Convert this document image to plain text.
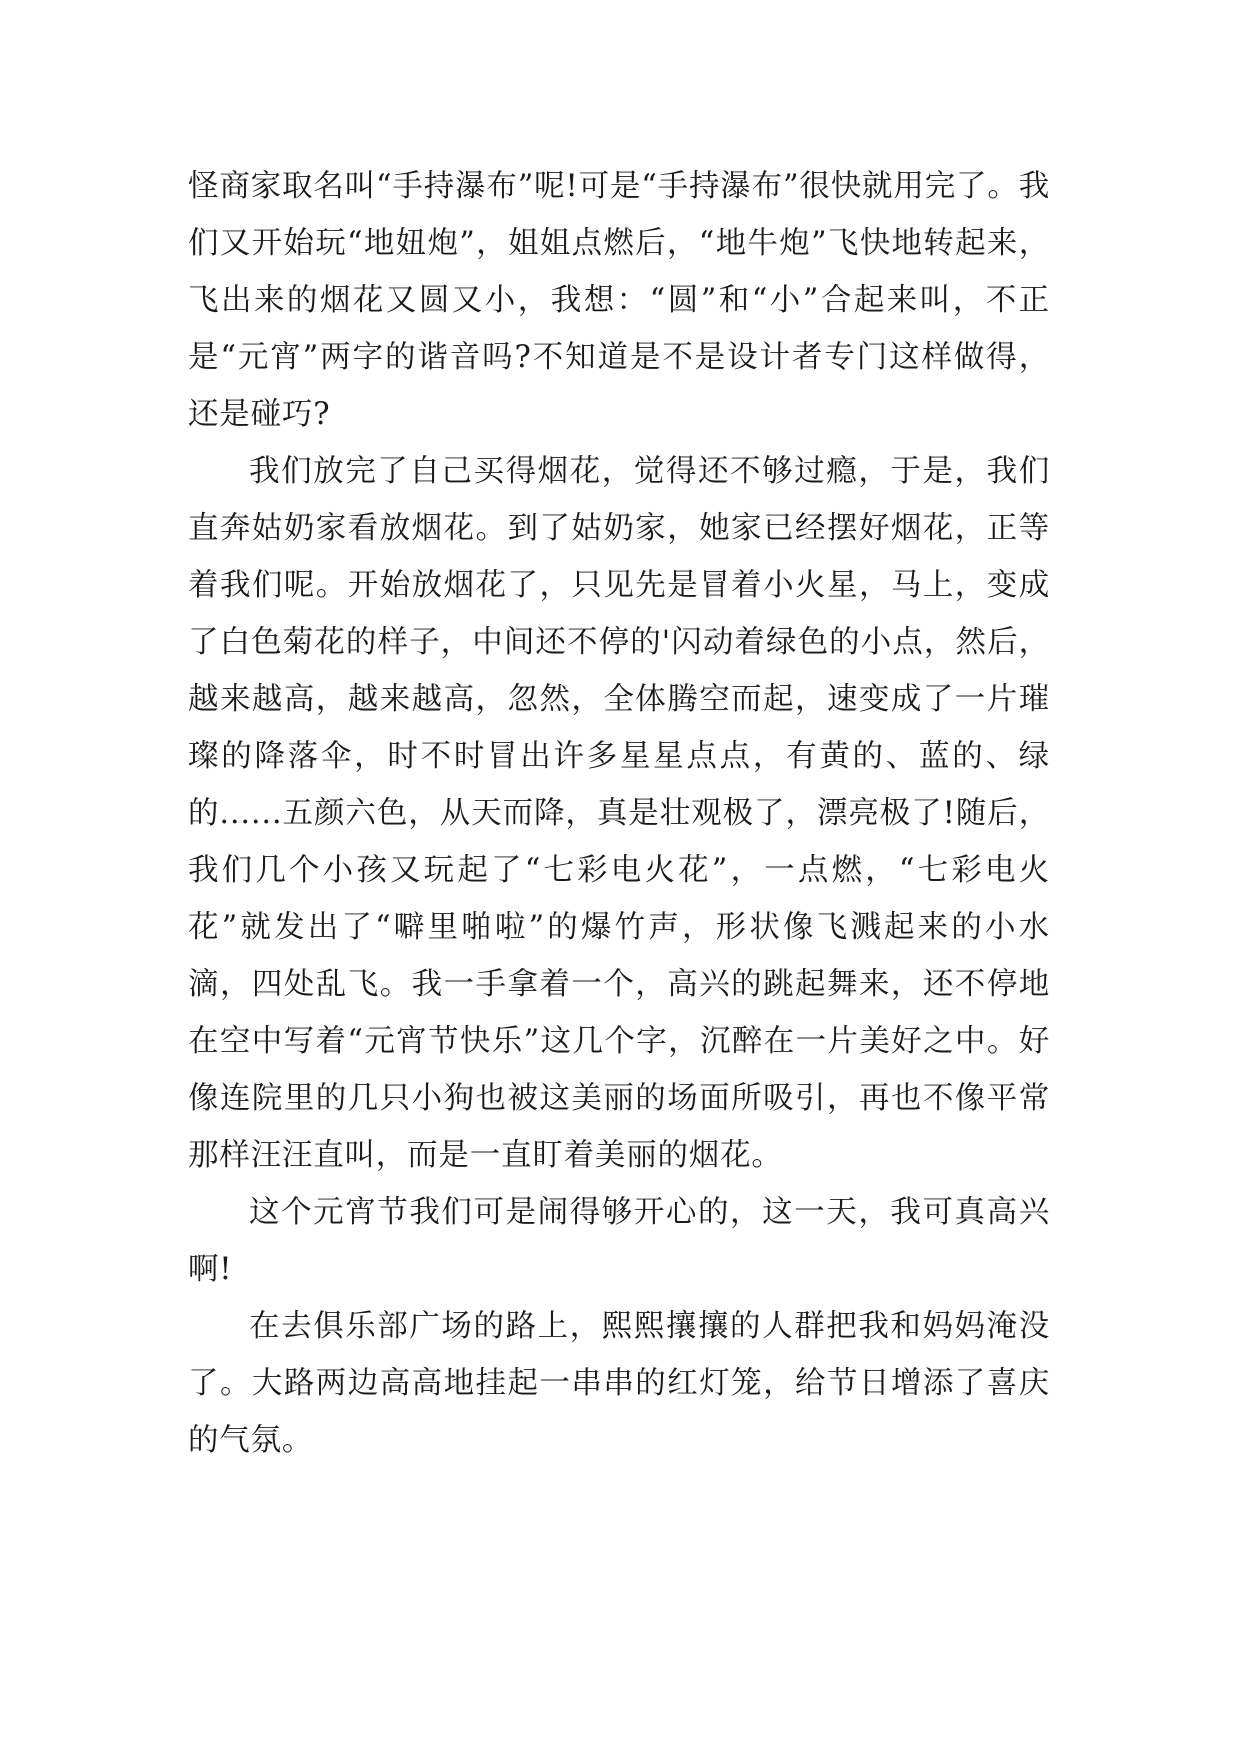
怪商家取名叫“手持瀑布”呢!可是“手持瀑布”很快就用完了。我们又开始玩“地妞炮”，姐姐点燃后，“地牛炮”飞快地转起来，飞出来的烟花又圆又小，我想：“圆”和“小”合起来叫，不正是“元宵”两字的谐音吗?不知道是不是设计者专门这样做得，还是碰巧?

我们放完了自己买得烟花，觉得还不够过瘾，于是，我们直奔姑奶家看放烟花。到了姑奶家，她家已经摆好烟花，正等着我们呢。开始放烟花了，只见先是冒着小火星，马上，变成了白色菊花的样子，中间还不停的'闪动着绿色的小点，然后，越来越高，越来越高，忽然，全体腾空而起，速变成了一片璀璨的降落伞，时不时冒出许多星星点点，有黄的、蓝的、绿的......五颜六色，从天而降，真是壮观极了，漂亮极了!随后，我们几个小孩又玩起了“七彩电火花”，一点燃，“七彩电火花”就发出了“噼里啪啦”的爆竹声，形状像飞溅起来的小水滴，四处乱飞。我一手拿着一个，高兴的跳起舞来，还不停地在空中写着“元宵节快乐”这几个字，沉醉在一片美好之中。好像连院里的几只小狗也被这美丽的场面所吸引，再也不像平常那样汪汪直叫，而是一直盯着美丽的烟花。

这个元宵节我们可是闹得够开心的，这一天，我可真高兴啊!

在去俱乐部广场的路上，熙熙攘攘的人群把我和妈妈淹没了。大路两边高高地挂起一串串的红灯笼，给节日增添了喜庆的气氛。
